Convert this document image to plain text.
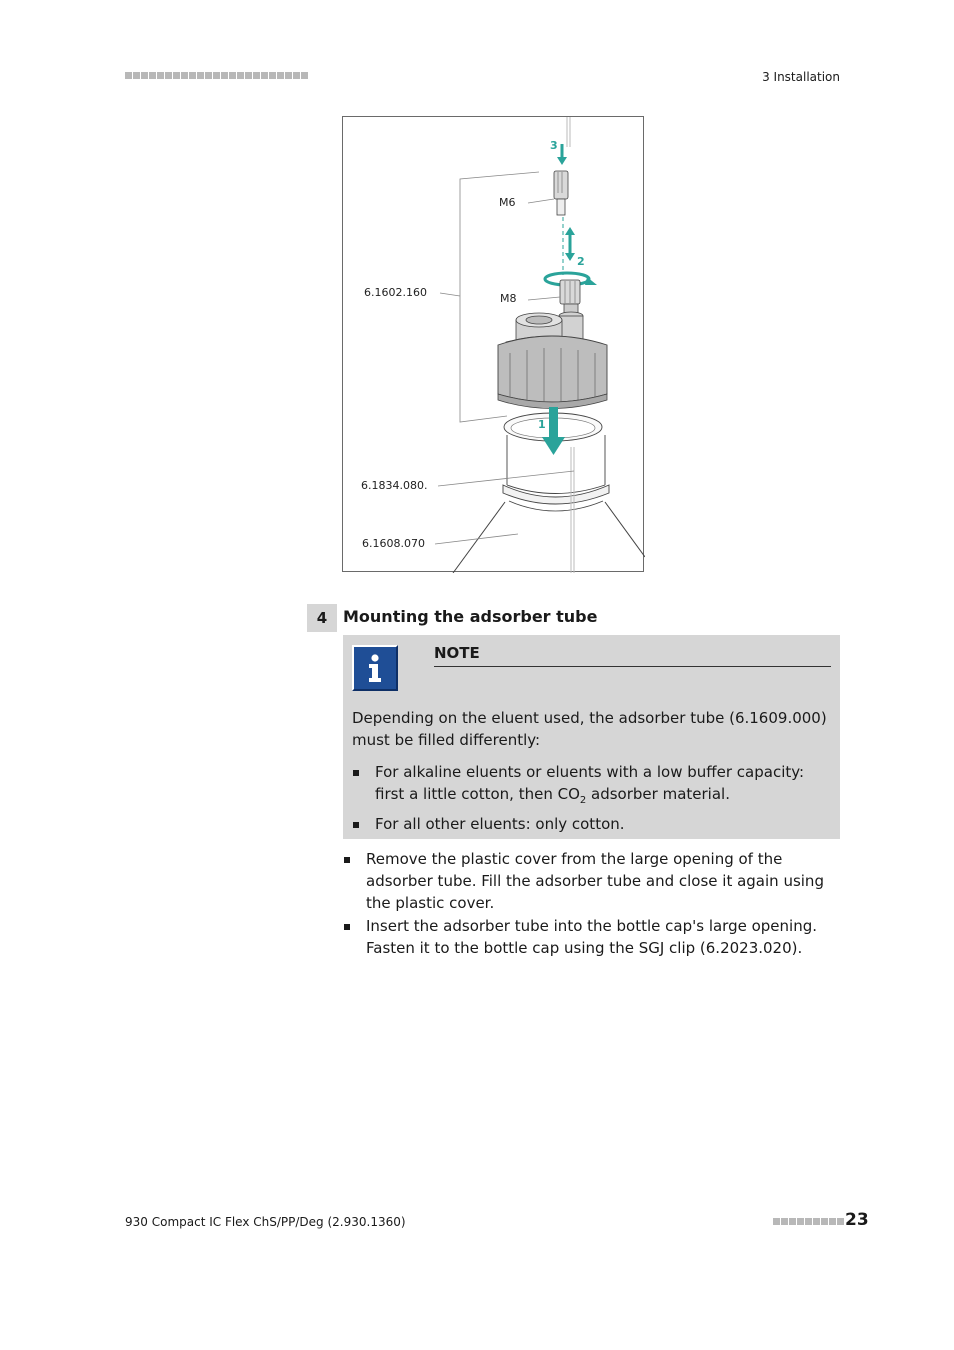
3 Installation
3
M6
2
6.1602.160	M8
1
6.1834.080.
6.1608.070
4 Mounting the adsorber tube
NOTE
Depending on the eluent used, the adsorber tube (6.1609.000) must be filled differently:
For alkaline eluents or eluents with a low buffer capacity: first a little cotton, then $CO_2$ adsorber material.
For all other eluents: only cotton.
Remove the plastic cover from the large opening of the adsorber tube. Fill the adsorber tube and close it again using the plastic cover.
Insert the adsorber tube into the bottle cap's large opening. Fasten it to the bottle cap using the SGJ clip (6.2023.020).
930 Compact IC Flex ChS/PP/Deg (2.930.1360)	23
